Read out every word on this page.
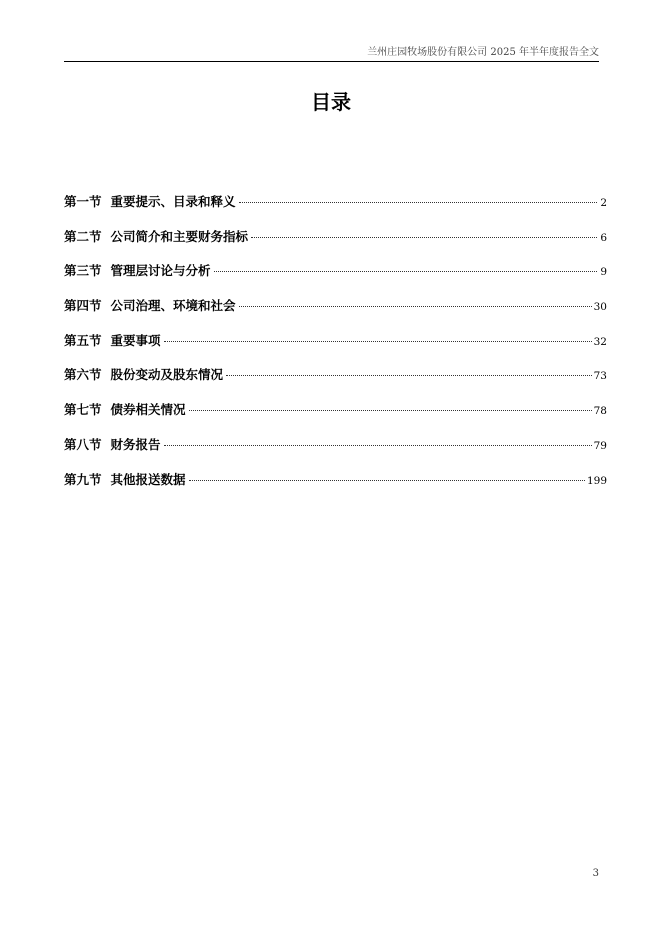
兰州庄园牧场股份有限公司 2025 年半年度报告全文
目录
第一节 重要提示、目录和释义	2
第二节 公司简介和主要财务指标	6
第三节 管理层讨论与分析	9
第四节 公司治理、环境和社会	30
第五节 重要事项	32
第六节 股份变动及股东情况	73
第七节 债券相关情况	78
第八节 财务报告	79
第九节 其他报送数据	199
3
